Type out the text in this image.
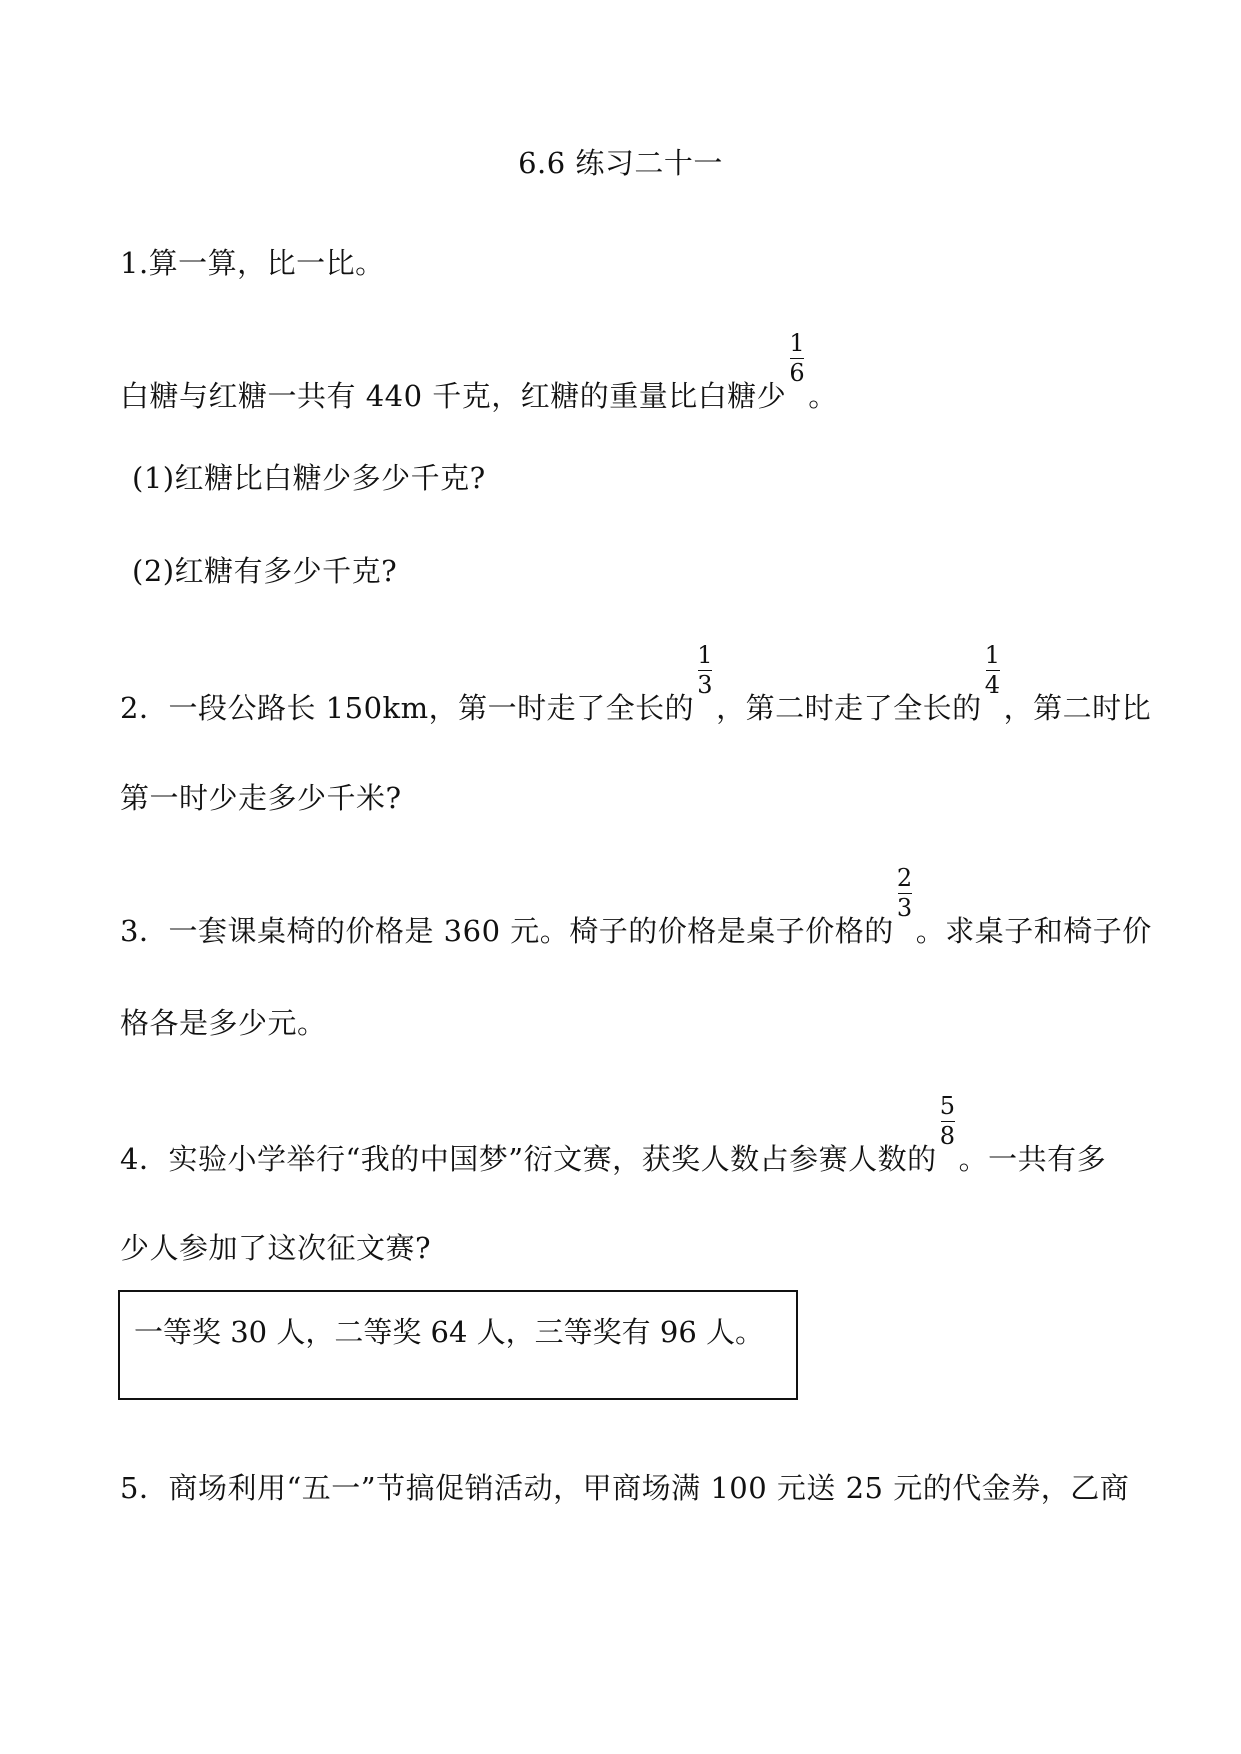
6.6 练习二十一
1.算一算，比一比。
白糖与红糖一共有 440 千克，红糖的重量比白糖少 $\frac{1}{6}$ 。
(1)红糖比白糖少多少千克?
(2)红糖有多少千克?
2．一段公路长 150km，第一时走了全长的 $\frac{1}{3}$ ，第二时走了全长的 $\frac{1}{4}$ ，第二时比
第一时少走多少千米?
3．一套课桌椅的价格是 360 元。椅子的价格是桌子价格的 $\frac{2}{3}$ 。求桌子和椅子价
格各是多少元。
4．实验小学举行“我的中国梦”衍文赛，获奖人数占参赛人数的 $\frac{5}{8}$ 。一共有多
少人参加了这次征文赛?
一等奖 30 人，二等奖 64 人，三等奖有 96 人。
5．商场利用“五一”节搞促销活动，甲商场满 100 元送 25 元的代金券，乙商
